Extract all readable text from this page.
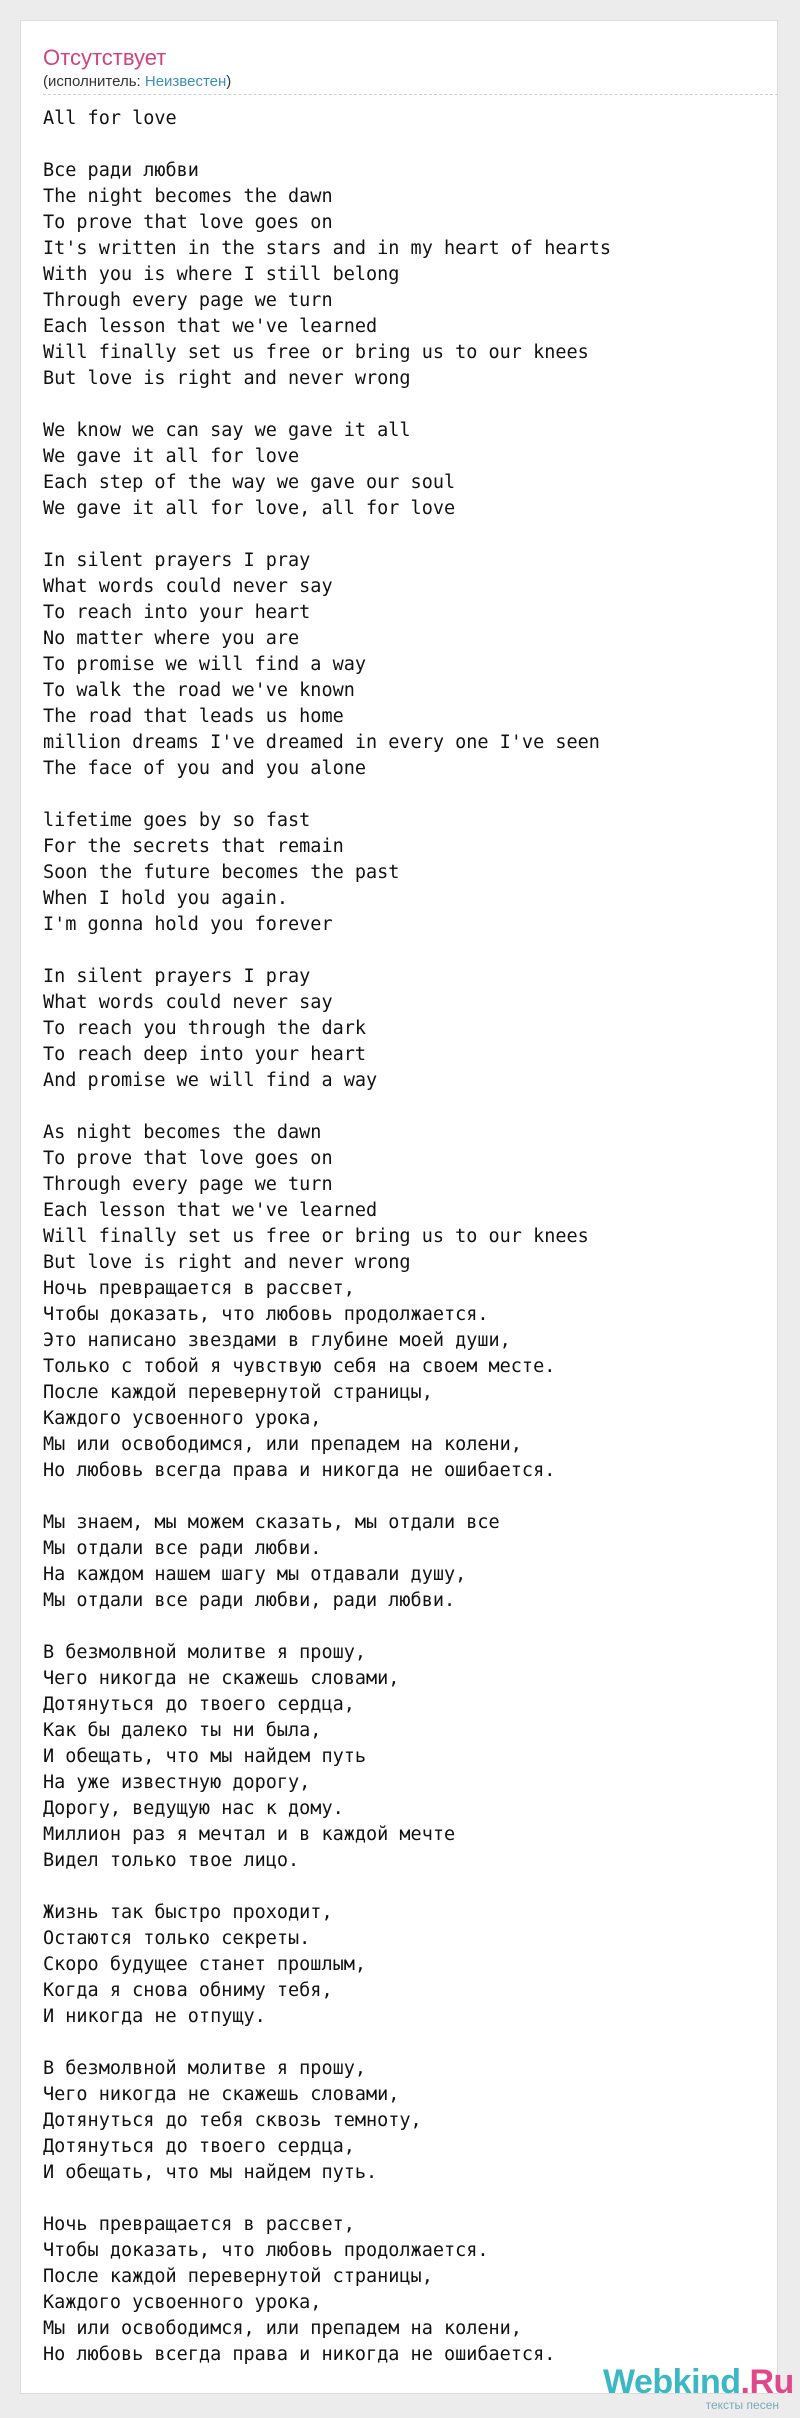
Отсутствует
(исполнитель: Неизвестен)
All for love

Все ради любви
The night becomes the dawn
To prove that love goes on
It's written in the stars and in my heart of hearts
With you is where I still belong
Through every page we turn
Each lesson that we've learned
Will finally set us free or bring us to our knees
But love is right and never wrong

We know we can say we gave it all
We gave it all for love
Each step of the way we gave our soul
We gave it all for love, all for love

In silent prayers I pray
What words could never say
To reach into your heart
No matter where you are
To promise we will find a way
To walk the road we've known
The road that leads us home
million dreams I've dreamed in every one I've seen
The face of you and you alone

lifetime goes by so fast
For the secrets that remain
Soon the future becomes the past
When I hold you again.
I'm gonna hold you forever

In silent prayers I pray
What words could never say
To reach you through the dark
To reach deep into your heart
And promise we will find a way

As night becomes the dawn
To prove that love goes on
Through every page we turn
Each lesson that we've learned
Will finally set us free or bring us to our knees
But love is right and never wrong
Ночь превращается в рассвет,
Чтобы доказать, что любовь продолжается.
Это написано звездами в глубине моей души,
Только с тобой я чувствую себя на своем месте.
После каждой перевернутой страницы,
Каждого усвоенного урока,
Мы или освободимся, или препадем на колени,
Но любовь всегда права и никогда не ошибается.

Мы знаем, мы можем сказать, мы отдали все
Мы отдали все ради любви.
На каждом нашем шагу мы отдавали душу,
Мы отдали все ради любви, ради любви.

В безмолвной молитве я прошу,
Чего никогда не скажешь словами,
Дотянуться до твоего сердца,
Как бы далеко ты ни была,
И обещать, что мы найдем путь
На уже известную дорогу,
Дорогу, ведущую нас к дому.
Миллион раз я мечтал и в каждой мечте
Видел только твое лицо.

Жизнь так быстро проходит,
Остаются только секреты.
Скоро будущее станет прошлым,
Когда я снова обниму тебя,
И никогда не отпущу.

В безмолвной молитве я прошу,
Чего никогда не скажешь словами,
Дотянуться до тебя сквозь темноту,
Дотянуться до твоего сердца,
И обещать, что мы найдем путь.

Ночь превращается в рассвет,
Чтобы доказать, что любовь продолжается.
После каждой перевернутой страницы,
Каждого усвоенного урока,
Мы или освободимся, или препадем на колени,
Но любовь всегда права и никогда не ошибается.
Webkind.Ru
тексты песен
